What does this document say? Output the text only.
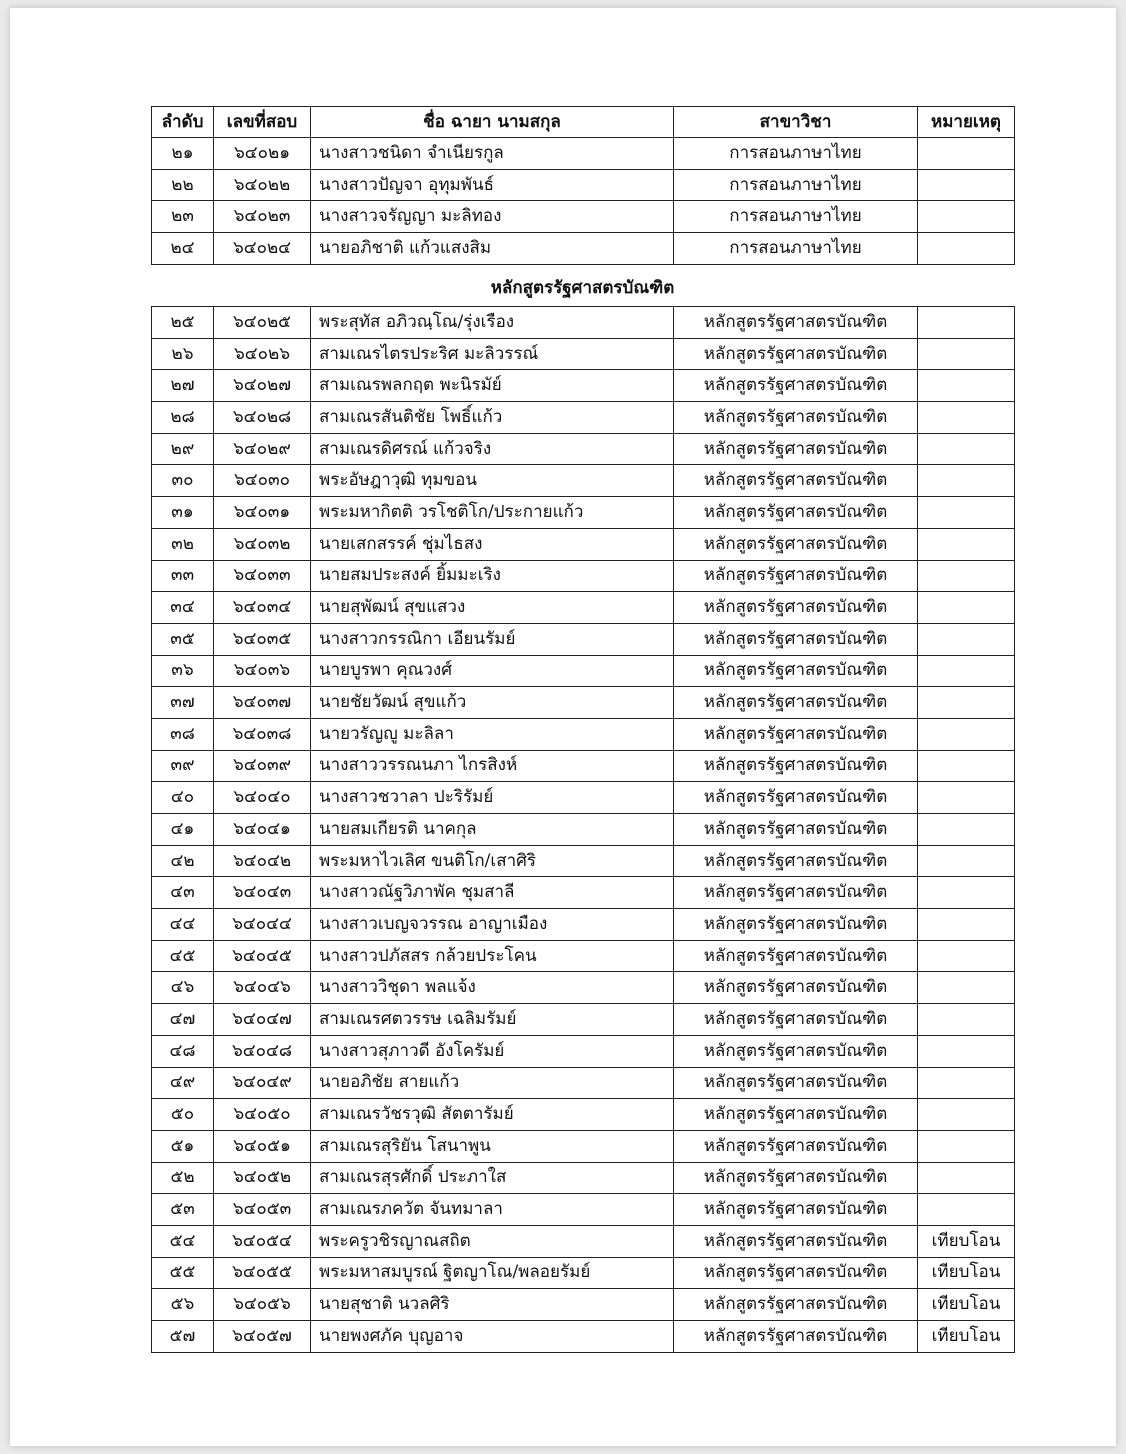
ลำดับ	เลขที่สอบ	ชื่อ ฉายา นามสกุล	สาขาวิชา	หมายเหตุ
๒๑	๖๔๐๒๑	นางสาวชนิดา จำเนียรกูล	การสอนภาษาไทย	
๒๒	๖๔๐๒๒	นางสาวปัญจา อุทุมพันธ์	การสอนภาษาไทย	
๒๓	๖๔๐๒๓	นางสาวจรัญญา มะลิทอง	การสอนภาษาไทย	
๒๔	๖๔๐๒๔	นายอภิชาติ แก้วแสงสิม	การสอนภาษาไทย	
หลักสูตรรัฐศาสตรบัณฑิต
๒๕	๖๔๐๒๕	พระสุทัส อภิวณฺโณ/รุ่งเรือง	หลักสูตรรัฐศาสตรบัณฑิต	
๒๖	๖๔๐๒๖	สามเณรไตรประริศ มะลิวรรณ์	หลักสูตรรัฐศาสตรบัณฑิต	
๒๗	๖๔๐๒๗	สามเณรพลกฤต พะนิรมัย์	หลักสูตรรัฐศาสตรบัณฑิต	
๒๘	๖๔๐๒๘	สามเณรสันติชัย โพธิ์แก้ว	หลักสูตรรัฐศาสตรบัณฑิต	
๒๙	๖๔๐๒๙	สามเณรดิศรณ์ แก้วจริง	หลักสูตรรัฐศาสตรบัณฑิต	
๓๐	๖๔๐๓๐	พระอัษฎาวุฒิ ทุมขอน	หลักสูตรรัฐศาสตรบัณฑิต	
๓๑	๖๔๐๓๑	พระมหากิตติ วรโชติโก/ประกายแก้ว	หลักสูตรรัฐศาสตรบัณฑิต	
๓๒	๖๔๐๓๒	นายเสกสรรค์ ชุ่มไธสง	หลักสูตรรัฐศาสตรบัณฑิต	
๓๓	๖๔๐๓๓	นายสมประสงค์ ยิ้มมะเริง	หลักสูตรรัฐศาสตรบัณฑิต	
๓๔	๖๔๐๓๔	นายสุพัฒน์ สุขแสวง	หลักสูตรรัฐศาสตรบัณฑิต	
๓๕	๖๔๐๓๕	นางสาวกรรณิกา เอียนรัมย์	หลักสูตรรัฐศาสตรบัณฑิต	
๓๖	๖๔๐๓๖	นายบูรพา คุณวงศ์	หลักสูตรรัฐศาสตรบัณฑิต	
๓๗	๖๔๐๓๗	นายชัยวัฒน์ สุขแก้ว	หลักสูตรรัฐศาสตรบัณฑิต	
๓๘	๖๔๐๓๘	นายวรัญญู มะลิลา	หลักสูตรรัฐศาสตรบัณฑิต	
๓๙	๖๔๐๓๙	นางสาววรรณนภา ไกรสิงห์	หลักสูตรรัฐศาสตรบัณฑิต	
๔๐	๖๔๐๔๐	นางสาวชวาลา ปะริรัมย์	หลักสูตรรัฐศาสตรบัณฑิต	
๔๑	๖๔๐๔๑	นายสมเกียรติ นาคกุล	หลักสูตรรัฐศาสตรบัณฑิต	
๔๒	๖๔๐๔๒	พระมหาไวเลิศ ขนติโก/เสาศิริ	หลักสูตรรัฐศาสตรบัณฑิต	
๔๓	๖๔๐๔๓	นางสาวณัฐวิภาพัค ชุมสาลี	หลักสูตรรัฐศาสตรบัณฑิต	
๔๔	๖๔๐๔๔	นางสาวเบญจวรรณ อาญาเมือง	หลักสูตรรัฐศาสตรบัณฑิต	
๔๕	๖๔๐๔๕	นางสาวปภัสสร กล้วยประโคน	หลักสูตรรัฐศาสตรบัณฑิต	
๔๖	๖๔๐๔๖	นางสาววิชุดา พลแจ้ง	หลักสูตรรัฐศาสตรบัณฑิต	
๔๗	๖๔๐๔๗	สามเณรศตวรรษ เฉลิมรัมย์	หลักสูตรรัฐศาสตรบัณฑิต	
๔๘	๖๔๐๔๘	นางสาวสุภาวดี อังโครัมย์	หลักสูตรรัฐศาสตรบัณฑิต	
๔๙	๖๔๐๔๙	นายอภิชัย สายแก้ว	หลักสูตรรัฐศาสตรบัณฑิต	
๕๐	๖๔๐๕๐	สามเณรวัชรวุฒิ สัตตารัมย์	หลักสูตรรัฐศาสตรบัณฑิต	
๕๑	๖๔๐๕๑	สามเณรสุริยัน โสนาพูน	หลักสูตรรัฐศาสตรบัณฑิต	
๕๒	๖๔๐๕๒	สามเณรสุรศักดิ์ ประภาใส	หลักสูตรรัฐศาสตรบัณฑิต	
๕๓	๖๔๐๕๓	สามเณรภควัต จันทมาลา	หลักสูตรรัฐศาสตรบัณฑิต	
๕๔	๖๔๐๕๔	พระครูวชิรญาณสถิต	หลักสูตรรัฐศาสตรบัณฑิต	เทียบโอน
๕๕	๖๔๐๕๕	พระมหาสมบูรณ์ ฐิตญาโณ/พลอยรัมย์	หลักสูตรรัฐศาสตรบัณฑิต	เทียบโอน
๕๖	๖๔๐๕๖	นายสุชาติ นวลศิริ	หลักสูตรรัฐศาสตรบัณฑิต	เทียบโอน
๕๗	๖๔๐๕๗	นายพงศภัค บุญอาจ	หลักสูตรรัฐศาสตรบัณฑิต	เทียบโอน
